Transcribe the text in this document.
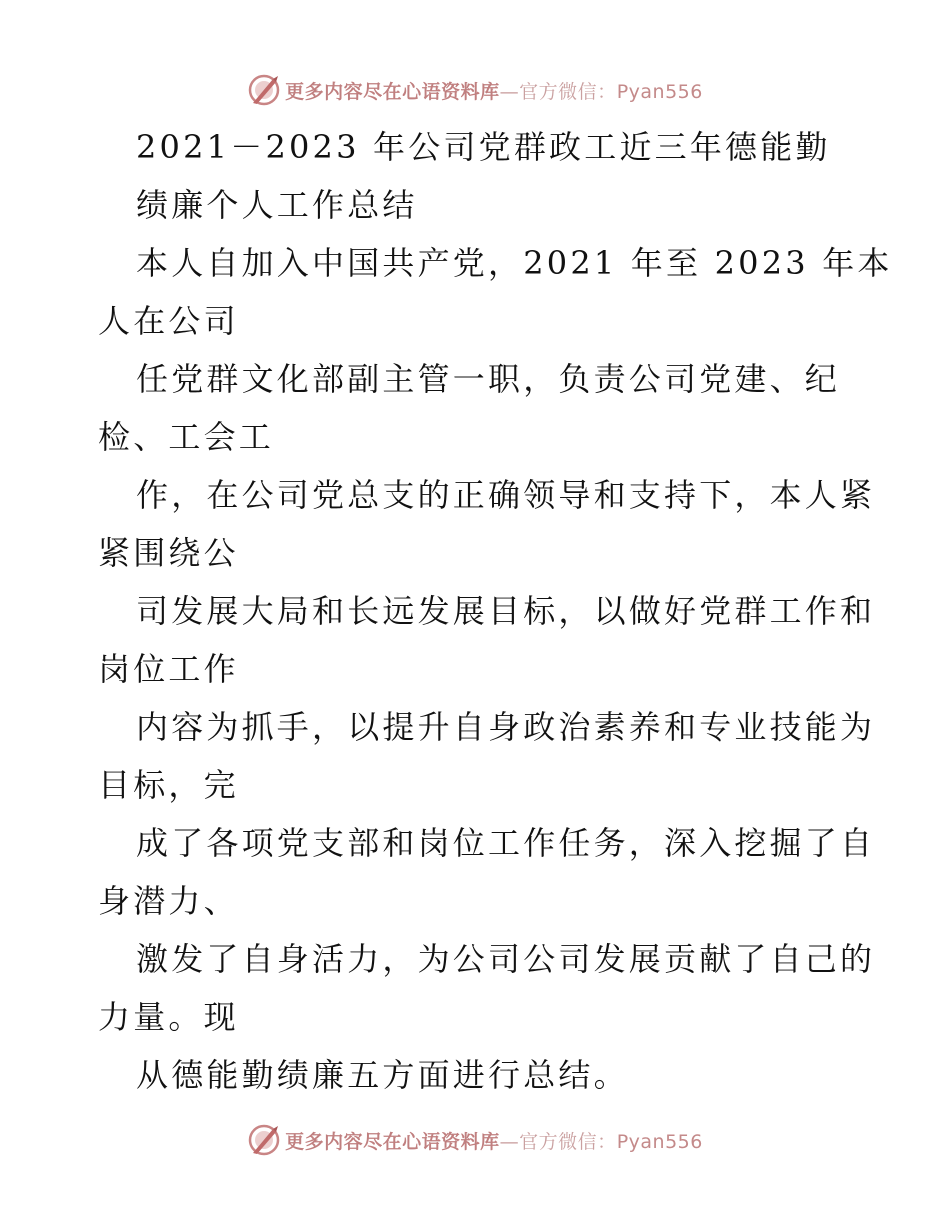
更多内容尽在心语资料库—官方微信：Pyan556
2021－2023 年公司党群政工近三年德能勤
绩廉个人工作总结
本人自加入中国共产党，2021 年至 2023 年本
人在公司
任党群文化部副主管一职，负责公司党建、纪
检、工会工
作，在公司党总支的正确领导和支持下，本人紧
紧围绕公
司发展大局和长远发展目标，以做好党群工作和
岗位工作
内容为抓手，以提升自身政治素养和专业技能为
目标，完
成了各项党支部和岗位工作任务，深入挖掘了自
身潜力、
激发了自身活力，为公司公司发展贡献了自己的
力量。现
从德能勤绩廉五方面进行总结。
更多内容尽在心语资料库—官方微信：Pyan556
